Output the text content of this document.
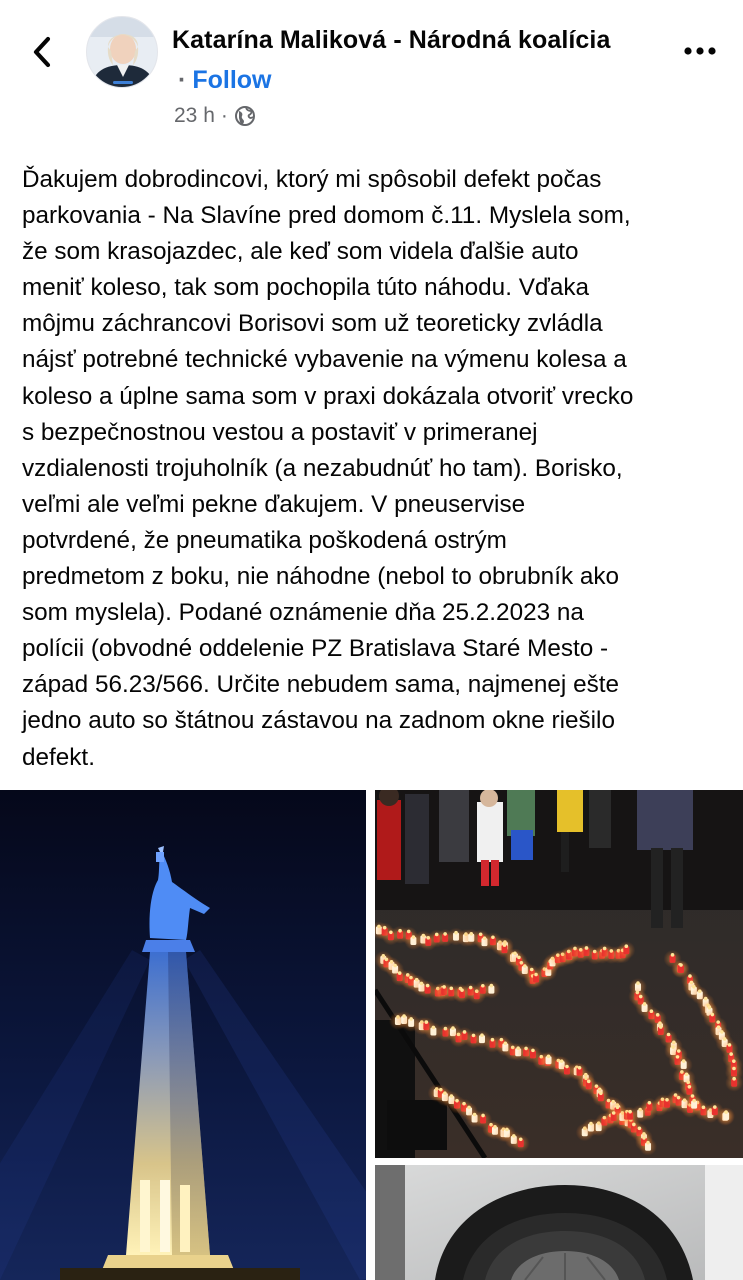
Katarína Maliková - Národná koalícia
· Follow
23 h ·

Ďakujem dobrodincovi, ktorý mi spôsobil defekt počas
parkovania - Na Slavíne pred domom č.11. Myslela som,
že som krasojazdec, ale keď som videla ďalšie auto
meniť koleso, tak som pochopila túto náhodu. Vďaka
môjmu záchrancovi Borisovi som už teoreticky zvládla
nájsť potrebné technické vybavenie na výmenu kolesa a
koleso a úplne sama som v praxi dokázala otvoriť vrecko
s bezpečnostnou vestou a postaviť v primeranej
vzdialenosti trojuholník (a nezabudnúť ho tam). Borisko,
veľmi ale veľmi pekne ďakujem. V pneuservise
potvrdené, že pneumatika poškodená ostrým
predmetom z boku, nie náhodne (nebol to obrubník ako
som myslela). Podané oznámenie dňa 25.2.2023 na
polícii (obvodné oddelenie PZ Bratislava Staré Mesto -
západ 56.23/566. Určite nebudem sama, najmenej ešte
jedno auto so štátnou zástavou na zadnom okne riešilo
defekt.
